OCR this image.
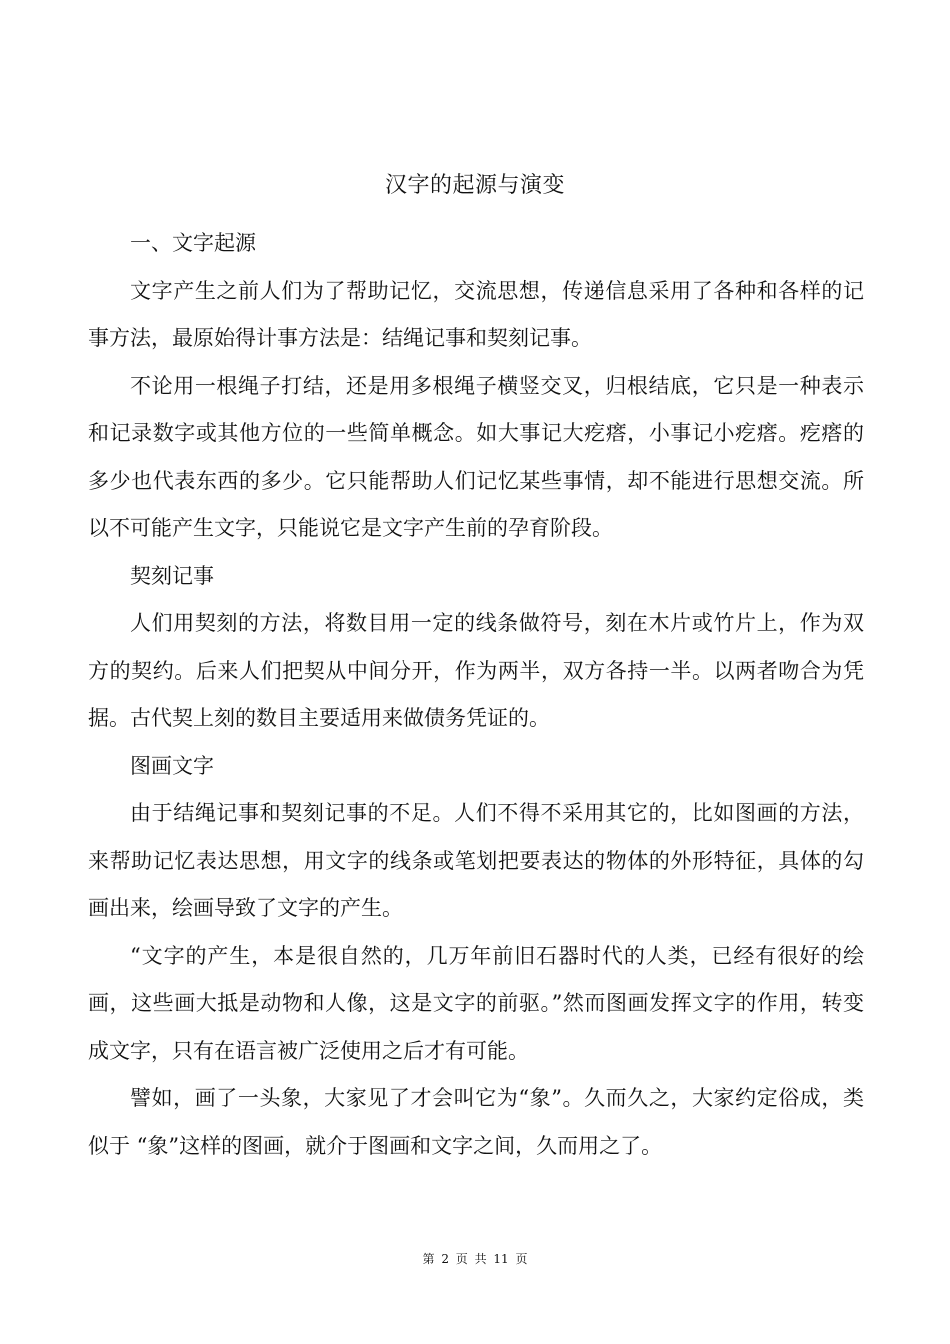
汉字的起源与演变

一、文字起源

文字产生之前人们为了帮助记忆，交流思想，传递信息采用了各种和各样的记事方法，最原始得计事方法是：结绳记事和契刻记事。

不论用一根绳子打结，还是用多根绳子横竖交叉，归根结底，它只是一种表示和记录数字或其他方位的一些简单概念。如大事记大疙瘩，小事记小疙瘩。疙瘩的多少也代表东西的多少。它只能帮助人们记忆某些事情，却不能进行思想交流。所以不可能产生文字，只能说它是文字产生前的孕育阶段。

契刻记事

人们用契刻的方法，将数目用一定的线条做符号，刻在木片或竹片上，作为双方的契约。后来人们把契从中间分开，作为两半，双方各持一半。以两者吻合为凭据。古代契上刻的数目主要适用来做债务凭证的。

图画文字

由于结绳记事和契刻记事的不足。人们不得不采用其它的，比如图画的方法，来帮助记忆表达思想，用文字的线条或笔划把要表达的物体的外形特征，具体的勾画出来，绘画导致了文字的产生。

“文字的产生，本是很自然的，几万年前旧石器时代的人类，已经有很好的绘画，这些画大抵是动物和人像，这是文字的前驱。”然而图画发挥文字的作用，转变成文字，只有在语言被广泛使用之后才有可能。

譬如，画了一头象，大家见了才会叫它为“象”。久而久之，大家约定俗成，类似于 “象”这样的图画，就介于图画和文字之间，久而用之了。

第 2 页 共 11 页
